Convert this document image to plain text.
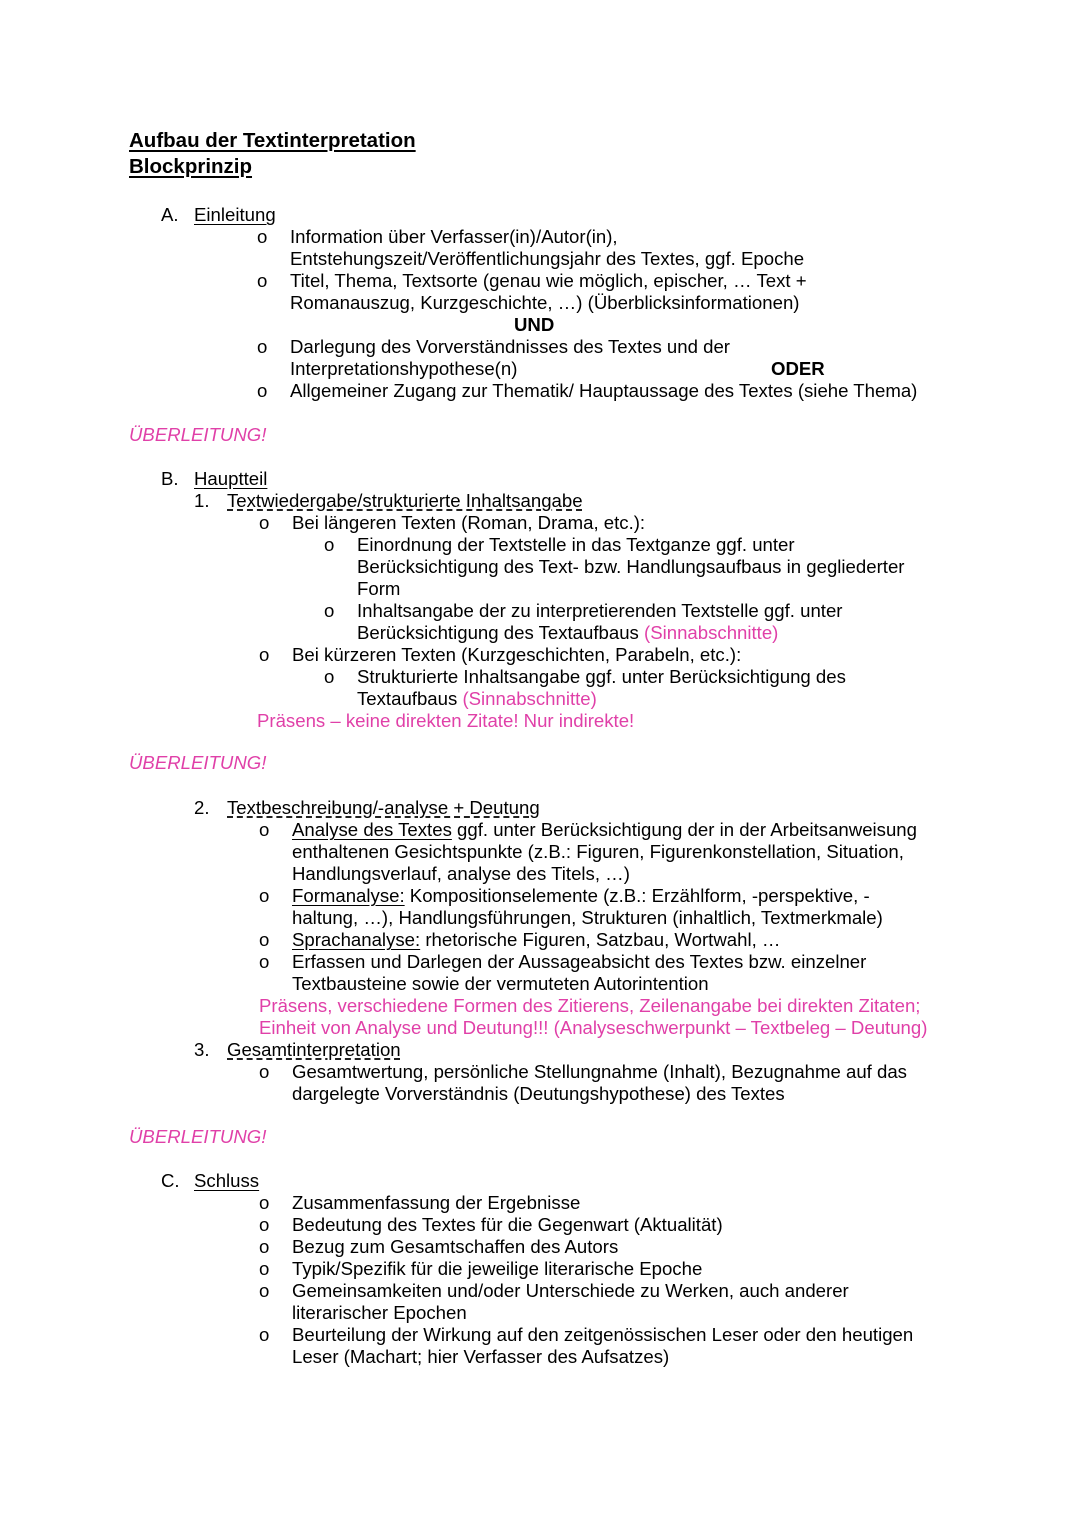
Aufbau der Textinterpretation
Blockprinzip
A. Einleitung
o Information über Verfasser(in)/Autor(in),
Entstehungszeit/Veröffentlichungsjahr des Textes, ggf. Epoche
o Titel, Thema, Textsorte (genau wie möglich, epischer, … Text +
Romanauszug, Kurzgeschichte, …) (Überblicksinformationen)
UND
o Darlegung des Vorverständnisses des Textes und der
Interpretationshypothese(n)	ODER
o Allgemeiner Zugang zur Thematik/ Hauptaussage des Textes (siehe Thema)
ÜBERLEITUNG!
B. Hauptteil
1. Textwiedergabe/strukturierte Inhaltsangabe
o Bei längeren Texten (Roman, Drama, etc.):
o Einordnung der Textstelle in das Textganze ggf. unter
Berücksichtigung des Text- bzw. Handlungsaufbaus in gegliederter
Form
o Inhaltsangabe der zu interpretierenden Textstelle ggf. unter
Berücksichtigung des Textaufbaus (Sinnabschnitte)
o Bei kürzeren Texten (Kurzgeschichten, Parabeln, etc.):
o Strukturierte Inhaltsangabe ggf. unter Berücksichtigung des
Textaufbaus (Sinnabschnitte)
Präsens – keine direkten Zitate! Nur indirekte!
ÜBERLEITUNG!
2. Textbeschreibung/-analyse + Deutung
o Analyse des Textes ggf. unter Berücksichtigung der in der Arbeitsanweisung
enthaltenen Gesichtspunkte (z.B.: Figuren, Figurenkonstellation, Situation,
Handlungsverlauf, analyse des Titels, …)
o Formanalyse: Kompositionselemente (z.B.: Erzählform, -perspektive, -
haltung, …), Handlungsführungen, Strukturen (inhaltlich, Textmerkmale)
o Sprachanalyse: rhetorische Figuren, Satzbau, Wortwahl, …
o Erfassen und Darlegen der Aussageabsicht des Textes bzw. einzelner
Textbausteine sowie der vermuteten Autorintention
Präsens, verschiedene Formen des Zitierens, Zeilenangabe bei direkten Zitaten;
Einheit von Analyse und Deutung!!! (Analyseschwerpunkt – Textbeleg – Deutung)
3. Gesamtinterpretation
o Gesamtwertung, persönliche Stellungnahme (Inhalt), Bezugnahme auf das
dargelegte Vorverständnis (Deutungshypothese) des Textes
ÜBERLEITUNG!
C. Schluss
o Zusammenfassung der Ergebnisse
o Bedeutung des Textes für die Gegenwart (Aktualität)
o Bezug zum Gesamtschaffen des Autors
o Typik/Spezifik für die jeweilige literarische Epoche
o Gemeinsamkeiten und/oder Unterschiede zu Werken, auch anderer
literarischer Epochen
o Beurteilung der Wirkung auf den zeitgenössischen Leser oder den heutigen
Leser (Machart; hier Verfasser des Aufsatzes)
